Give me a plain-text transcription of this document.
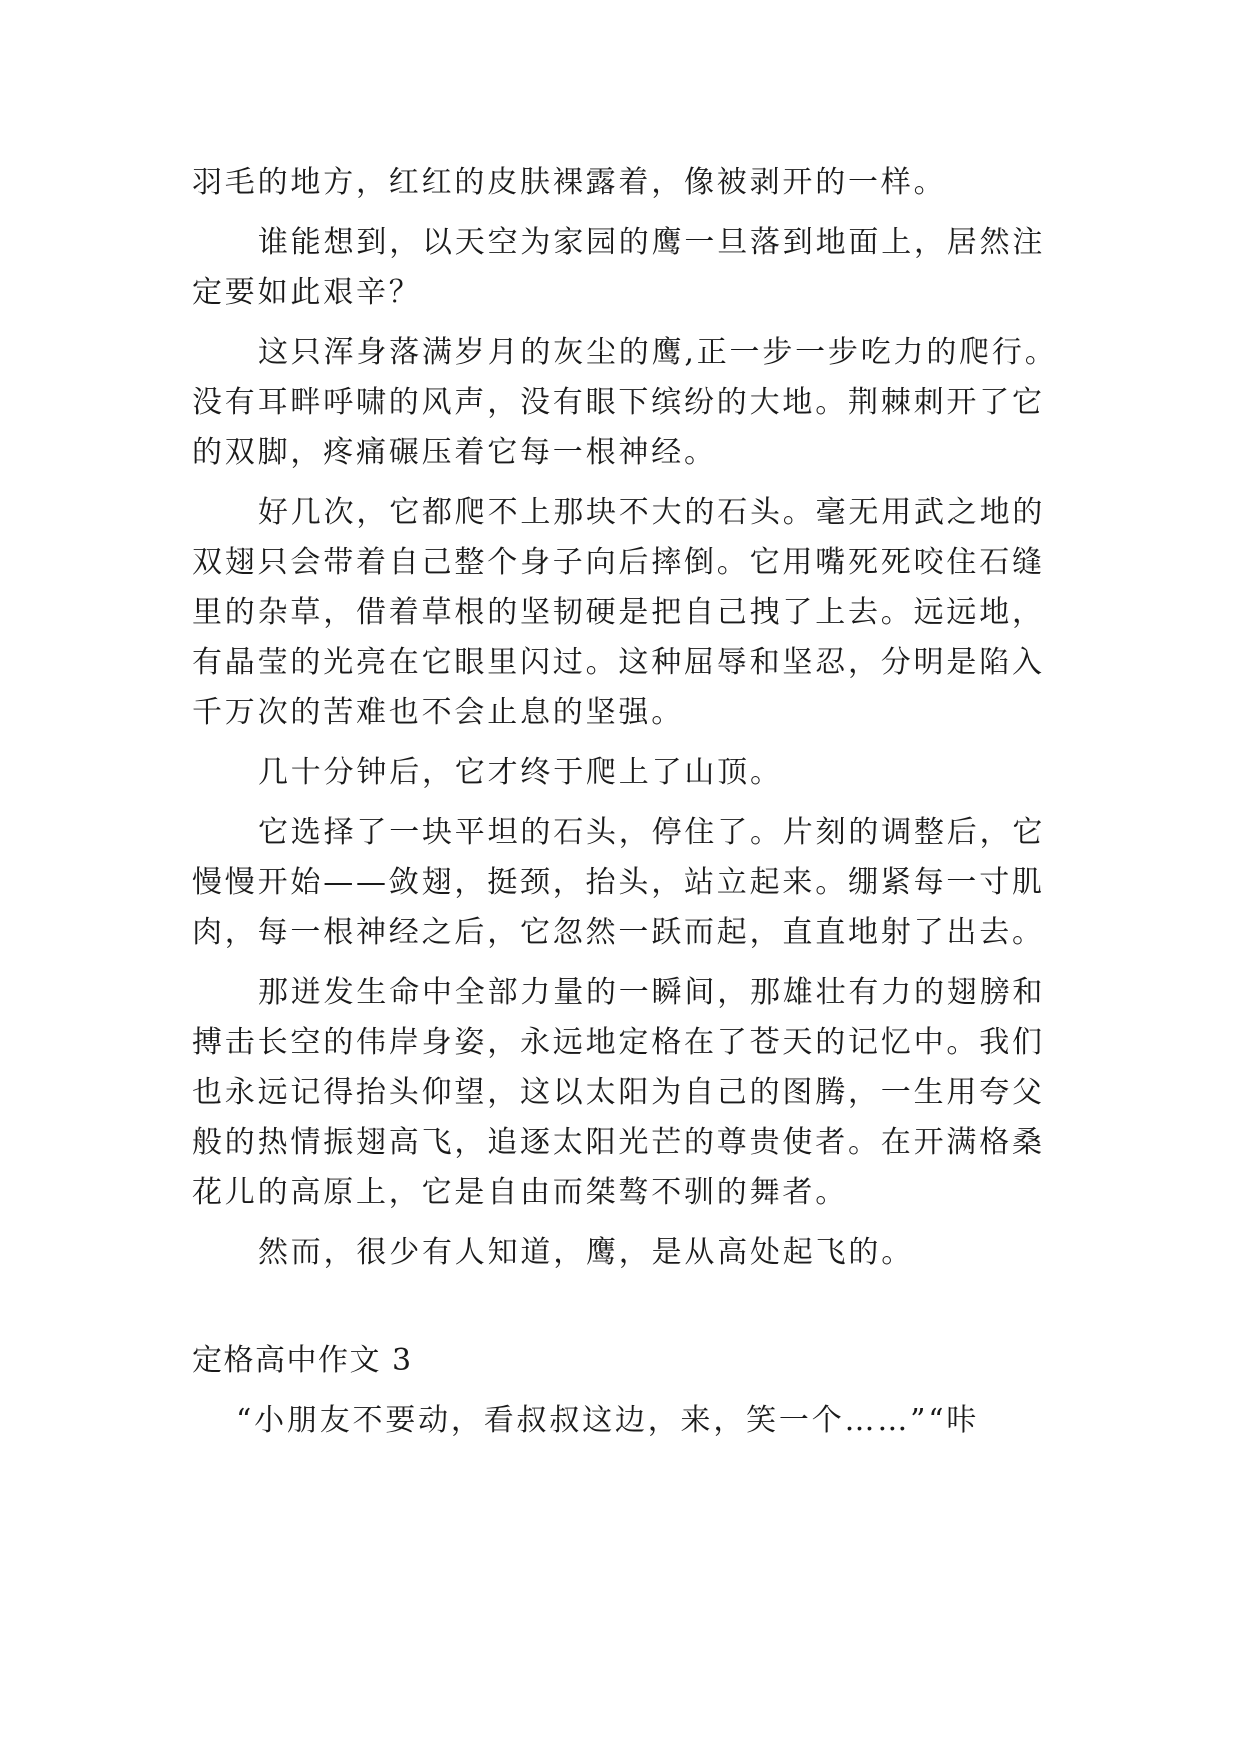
羽毛的地方，红红的皮肤裸露着，像被剥开的一样。
谁能想到，以天空为家园的鹰一旦落到地面上，居然注
定要如此艰辛？
这只浑身落满岁月的灰尘的鹰,正一步一步吃力的爬行。
没有耳畔呼啸的风声，没有眼下缤纷的大地。荆棘刺开了它
的双脚，疼痛碾压着它每一根神经。
好几次，它都爬不上那块不大的石头。毫无用武之地的
双翅只会带着自己整个身子向后摔倒。它用嘴死死咬住石缝
里的杂草，借着草根的坚韧硬是把自己拽了上去。远远地，
有晶莹的光亮在它眼里闪过。这种屈辱和坚忍，分明是陷入
千万次的苦难也不会止息的坚强。
几十分钟后，它才终于爬上了山顶。
它选择了一块平坦的石头，停住了。片刻的调整后，它
慢慢开始——敛翅，挺颈，抬头，站立起来。绷紧每一寸肌
肉，每一根神经之后，它忽然一跃而起，直直地射了出去。
那迸发生命中全部力量的一瞬间，那雄壮有力的翅膀和
搏击长空的伟岸身姿，永远地定格在了苍天的记忆中。我们
也永远记得抬头仰望，这以太阳为自己的图腾，一生用夸父
般的热情振翅高飞，追逐太阳光芒的尊贵使者。在开满格桑
花儿的高原上，它是自由而桀骜不驯的舞者。
然而，很少有人知道，鹰，是从高处起飞的。
定格高中作文 3
“小朋友不要动，看叔叔这边，来，笑一个……”“咔
